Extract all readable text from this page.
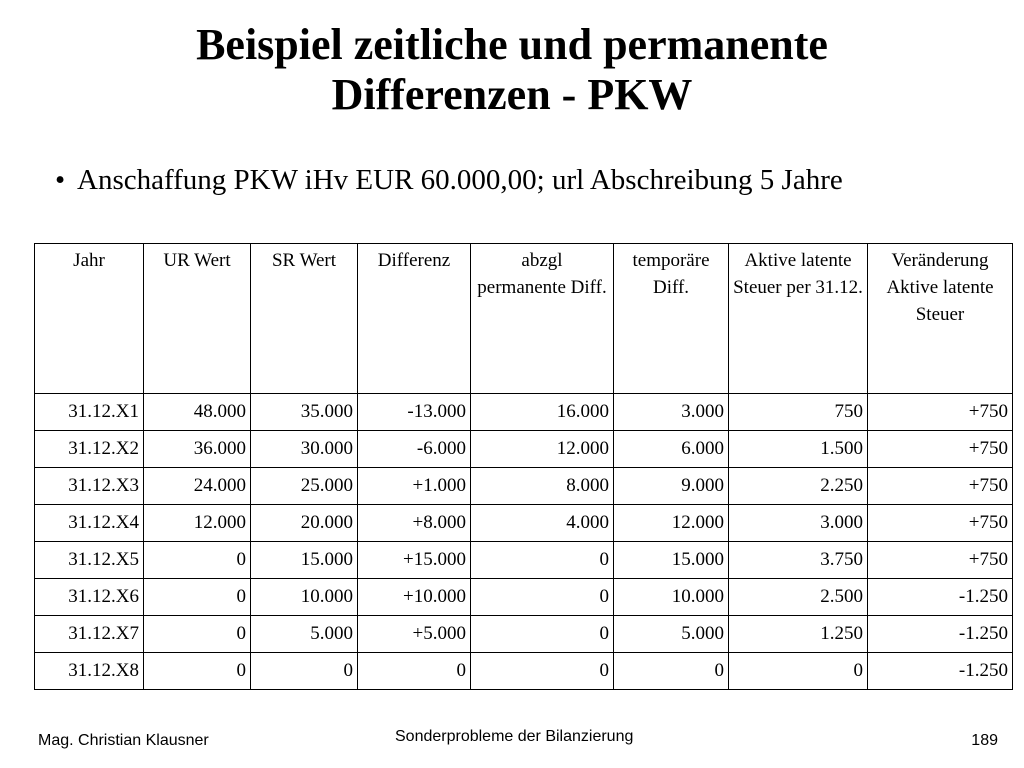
Beispiel zeitliche und permanente
Differenzen - PKW
• Anschaffung PKW iHv EUR 60.000,00; url Abschreibung 5 Jahre
Jahr	UR Wert	SR Wert	Differenz	abzgl permanente Diff.	temporäre Diff.	Aktive latente Steuer per 31.12.	Veränderung Aktive latente Steuer
31.12.X1	48.000	35.000	-13.000	16.000	3.000	750	+750
31.12.X2	36.000	30.000	-6.000	12.000	6.000	1.500	+750
31.12.X3	24.000	25.000	+1.000	8.000	9.000	2.250	+750
31.12.X4	12.000	20.000	+8.000	4.000	12.000	3.000	+750
31.12.X5	0	15.000	+15.000	0	15.000	3.750	+750
31.12.X6	0	10.000	+10.000	0	10.000	2.500	-1.250
31.12.X7	0	5.000	+5.000	0	5.000	1.250	-1.250
31.12.X8	0	0	0	0	0	0	-1.250
Mag. Christian Klausner	Sonderprobleme der Bilanzierung	189
